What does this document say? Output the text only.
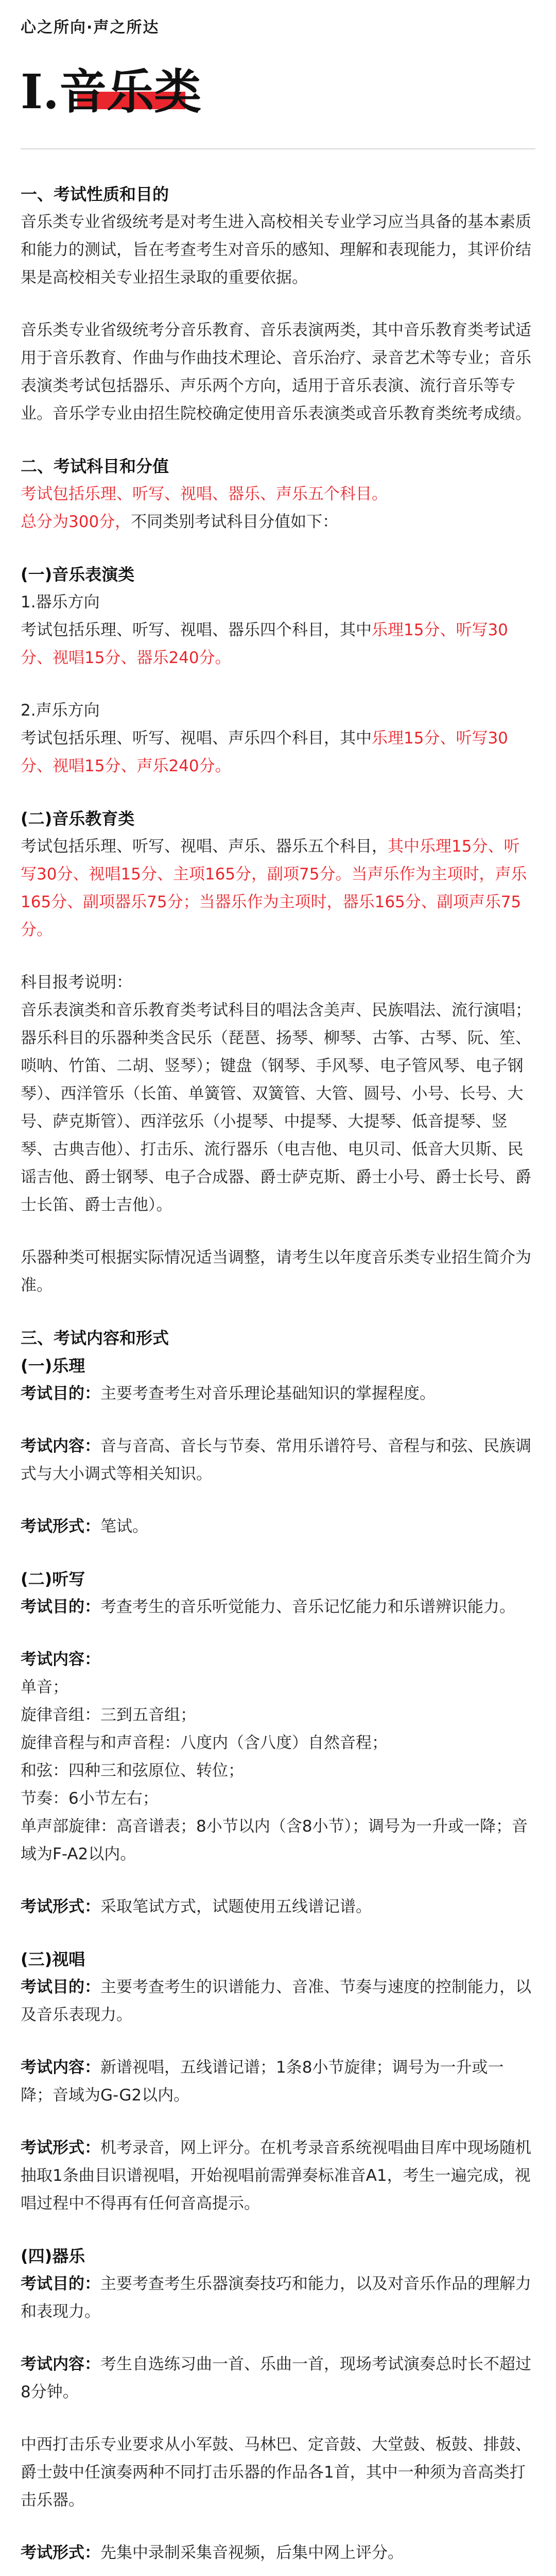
心之所向·声之所达
Ⅰ.音乐类
一、考试性质和目的

音乐类专业省级统考是对考生进入高校相关专业学习应当具备的基本素质和能力的测试，旨在考查考生对音乐的感知、理解和表现能力，其评价结果是高校相关专业招生录取的重要依据。

音乐类专业省级统考分音乐教育、音乐表演两类，其中音乐教育类考试适用于音乐教育、作曲与作曲技术理论、音乐治疗、录音艺术等专业；音乐表演类考试包括器乐、声乐两个方向，适用于音乐表演、流行音乐等专业。音乐学专业由招生院校确定使用音乐表演类或音乐教育类统考成绩。

二、考试科目和分值

考试包括乐理、听写、视唱、器乐、声乐五个科目。

总分为300分，不同类别考试科目分值如下：

(一)音乐表演类

1.器乐方向

考试包括乐理、听写、视唱、器乐四个科目，其中乐理15分、听写30分、视唱15分、器乐240分。

2.声乐方向

考试包括乐理、听写、视唱、声乐四个科目，其中乐理15分、听写30分、视唱15分、声乐240分。

(二)音乐教育类

考试包括乐理、听写、视唱、声乐、器乐五个科目，其中乐理15分、听写30分、视唱15分、主项165分，副项75分。当声乐作为主项时，声乐165分、副项器乐75分；当器乐作为主项时，器乐165分、副项声乐75分。

科目报考说明：

音乐表演类和音乐教育类考试科目的唱法含美声、民族唱法、流行演唱；器乐科目的乐器种类含民乐（琵琶、扬琴、柳琴、古筝、古琴、阮、笙、唢呐、竹笛、二胡、竖琴）；键盘（钢琴、手风琴、电子管风琴、电子钢琴）、西洋管乐（长笛、单簧管、双簧管、大管、圆号、小号、长号、大号、萨克斯管）、西洋弦乐（小提琴、中提琴、大提琴、低音提琴、竖琴、古典吉他）、打击乐、流行器乐（电吉他、电贝司、低音大贝斯、民谣吉他、爵士钢琴、电子合成器、爵士萨克斯、爵士小号、爵士长号、爵士长笛、爵士吉他）。

乐器种类可根据实际情况适当调整，请考生以年度音乐类专业招生简介为准。

三、考试内容和形式
(一)乐理

考试目的：主要考查考生对音乐理论基础知识的掌握程度。

考试内容：音与音高、音长与节奏、常用乐谱符号、音程与和弦、民族调式与大小调式等相关知识。

考试形式：笔试。

(二)听写

考试目的：考查考生的音乐听觉能力、音乐记忆能力和乐谱辨识能力。

考试内容：

单音；

旋律音组：三到五音组；

旋律音程与和声音程：八度内（含八度）自然音程；

和弦：四种三和弦原位、转位；

节奏：6小节左右；

单声部旋律：高音谱表；8小节以内（含8小节）；调号为一升或一降；音域为F-A2以内。

考试形式：采取笔试方式，试题使用五线谱记谱。

(三)视唱

考试目的：主要考查考生的识谱能力、音准、节奏与速度的控制能力，以及音乐表现力。

考试内容：新谱视唱，五线谱记谱；1条8小节旋律；调号为一升或一降；音域为G-G2以内。

考试形式：机考录音，网上评分。在机考录音系统视唱曲目库中现场随机抽取1条曲目识谱视唱，开始视唱前需弹奏标准音A1，考生一遍完成，视唱过程中不得再有任何音高提示。

(四)器乐

考试目的：主要考查考生乐器演奏技巧和能力，以及对音乐作品的理解力和表现力。

考试内容：考生自选练习曲一首、乐曲一首，现场考试演奏总时长不超过8分钟。

中西打击乐专业要求从小军鼓、马林巴、定音鼓、大堂鼓、板鼓、排鼓、爵士鼓中任演奏两种不同打击乐器的作品各1首，其中一种须为音高类打击乐器。

考试形式：先集中录制采集音视频，后集中网上评分。
